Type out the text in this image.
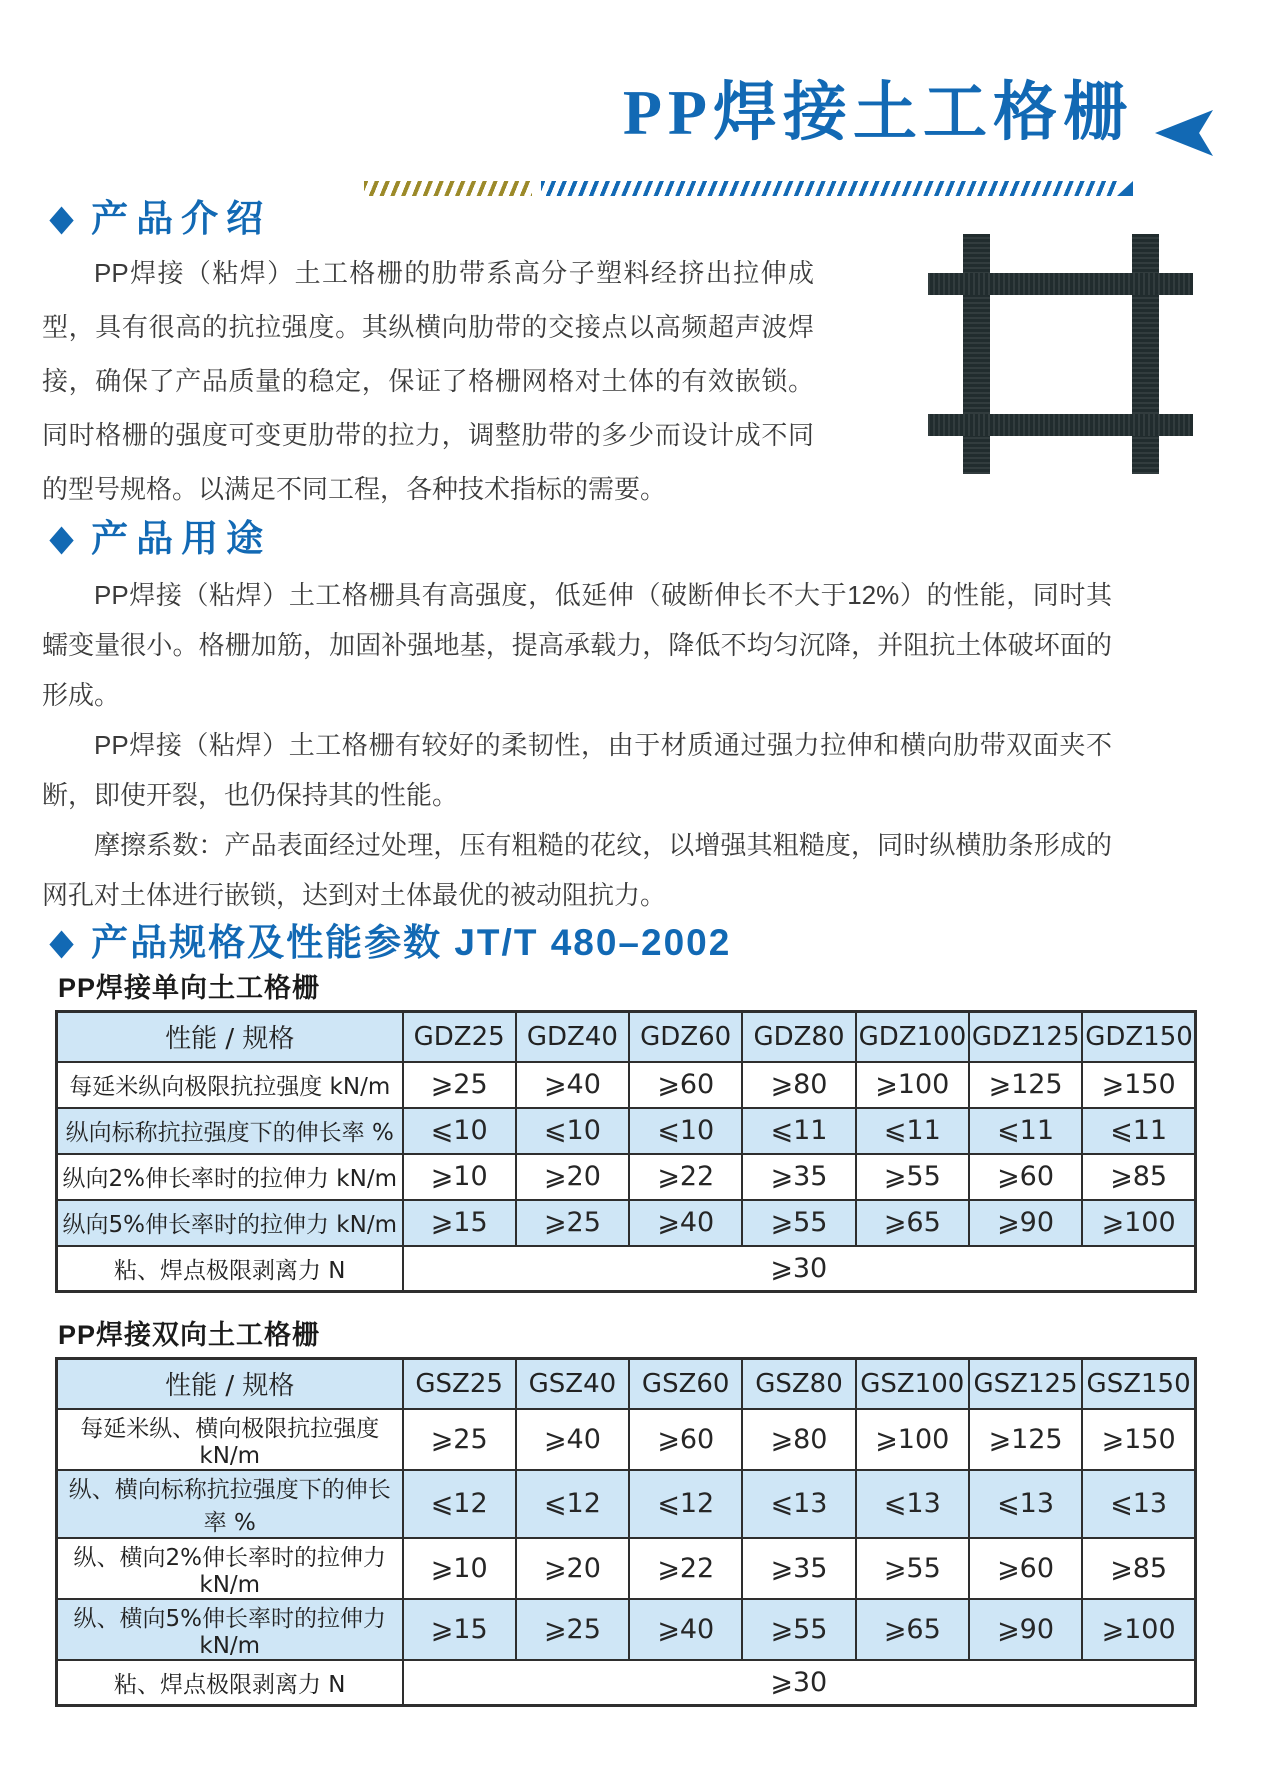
PP焊接土工格栅
◆ 产品介绍

PP焊接（粘焊）土工格栅的肋带系高分子塑料经挤出拉伸成型，具有很高的抗拉强度。其纵横向肋带的交接点以高频超声波焊接，确保了产品质量的稳定，保证了格栅网格对土体的有效嵌锁。同时格栅的强度可变更肋带的拉力，调整肋带的多少而设计成不同的型号规格。以满足不同工程，各种技术指标的需要。

◆ 产品用途

PP焊接（粘焊）土工格栅具有高强度，低延伸（破断伸长不大于12%）的性能，同时其蠕变量很小。格栅加筋，加固补强地基，提高承载力，降低不均匀沉降，并阻抗土体破坏面的形成。

PP焊接（粘焊）土工格栅有较好的柔韧性，由于材质通过强力拉伸和横向肋带双面夹不断，即使开裂，也仍保持其的性能。

摩擦系数：产品表面经过处理，压有粗糙的花纹，以增强其粗糙度，同时纵横肋条形成的网孔对土体进行嵌锁，达到对土体最优的被动阻抗力。

◆ 产品规格及性能参数 JT/T 480–2002
PP焊接单向土工格栅
性能 / 规格	GDZ25	GDZ40	GDZ60	GDZ80	GDZ100	GDZ125	GDZ150
每延米纵向极限抗拉强度 kN/m	⩾25	⩾40	⩾60	⩾80	⩾100	⩾125	⩾150
纵向标称抗拉强度下的伸长率 %	⩽10	⩽10	⩽10	⩽11	⩽11	⩽11	⩽11
纵向2%伸长率时的拉伸力 kN/m	⩾10	⩾20	⩾22	⩾35	⩾55	⩾60	⩾85
纵向5%伸长率时的拉伸力 kN/m	⩾15	⩾25	⩾40	⩾55	⩾65	⩾90	⩾100
粘、焊点极限剥离力 N	⩾30						
PP焊接双向土工格栅
性能 / 规格	GSZ25	GSZ40	GSZ60	GSZ80	GSZ100	GSZ125	GSZ150
每延米纵、横向极限抗拉强度 kN/m	⩾25	⩾40	⩾60	⩾80	⩾100	⩾125	⩾150
纵、横向标称抗拉强度下的伸长率 %	⩽12	⩽12	⩽12	⩽13	⩽13	⩽13	⩽13
纵、横向2%伸长率时的拉伸力 kN/m	⩾10	⩾20	⩾22	⩾35	⩾55	⩾60	⩾85
纵、横向5%伸长率时的拉伸力 kN/m	⩾15	⩾25	⩾40	⩾55	⩾65	⩾90	⩾100
粘、焊点极限剥离力 N	⩾30						
